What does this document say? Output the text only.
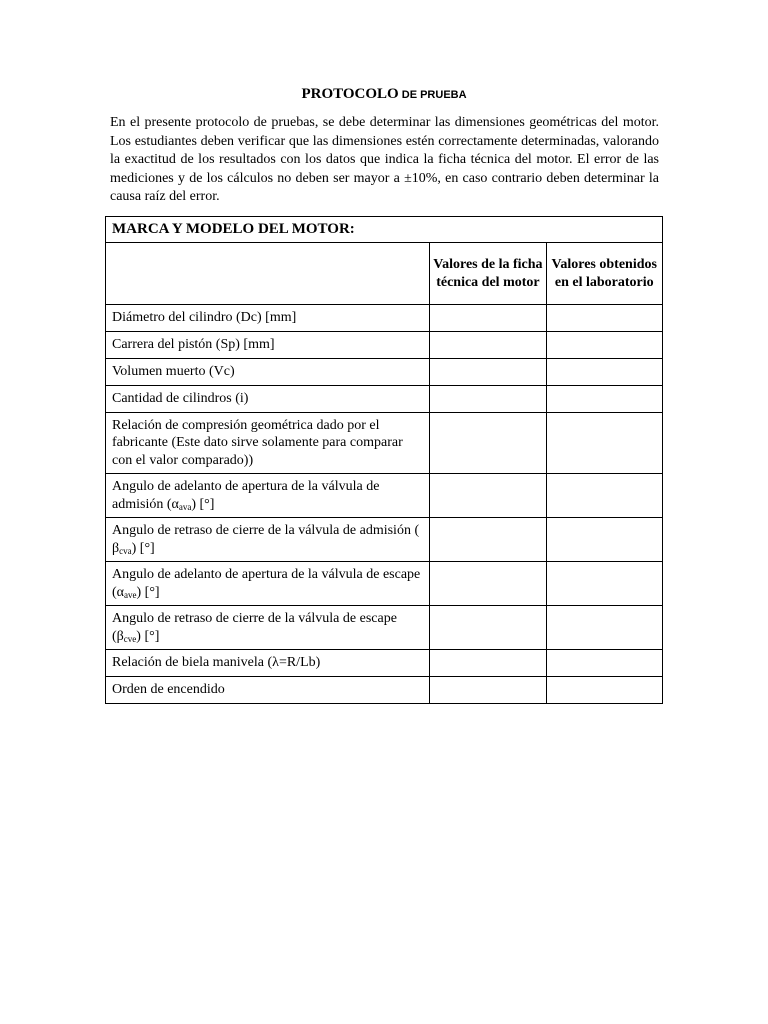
PROTOCOLO DE PRUEBA

En el presente protocolo de pruebas, se debe determinar las dimensiones geométricas del motor. Los estudiantes deben verificar que las dimensiones estén correctamente determinadas, valorando la exactitud de los resultados con los datos que indica la ficha técnica del motor. El error de las mediciones y de los cálculos no deben ser mayor a ±10%, en caso contrario deben determinar la causa raíz del error.

MARCA Y MODELO DEL MOTOR:		
	Valores de la ficha técnica del motor	Valores obtenidos en el laboratorio
Diámetro del cilindro (Dc) [mm]		
Carrera del pistón (Sp) [mm]		
Volumen muerto (Vc)		
Cantidad de cilindros (i)		
Relación de compresión geométrica dado por el fabricante (Este dato sirve solamente para comparar con el valor comparado))		
Angulo de adelanto de apertura de la válvula de admisión $(\alpha_{ava})$ [°]		
Angulo de retraso de cierre de la válvula de admisión ( $\beta_{cva}$) [°]		
Angulo de adelanto de apertura de la válvula de escape $(\alpha_{ave})$ [°]		
Angulo de retraso de cierre de la válvula de escape $(\beta_{cve})$ [°]		
Relación de biela manivela (λ=R/Lb)		
Orden de encendido		
